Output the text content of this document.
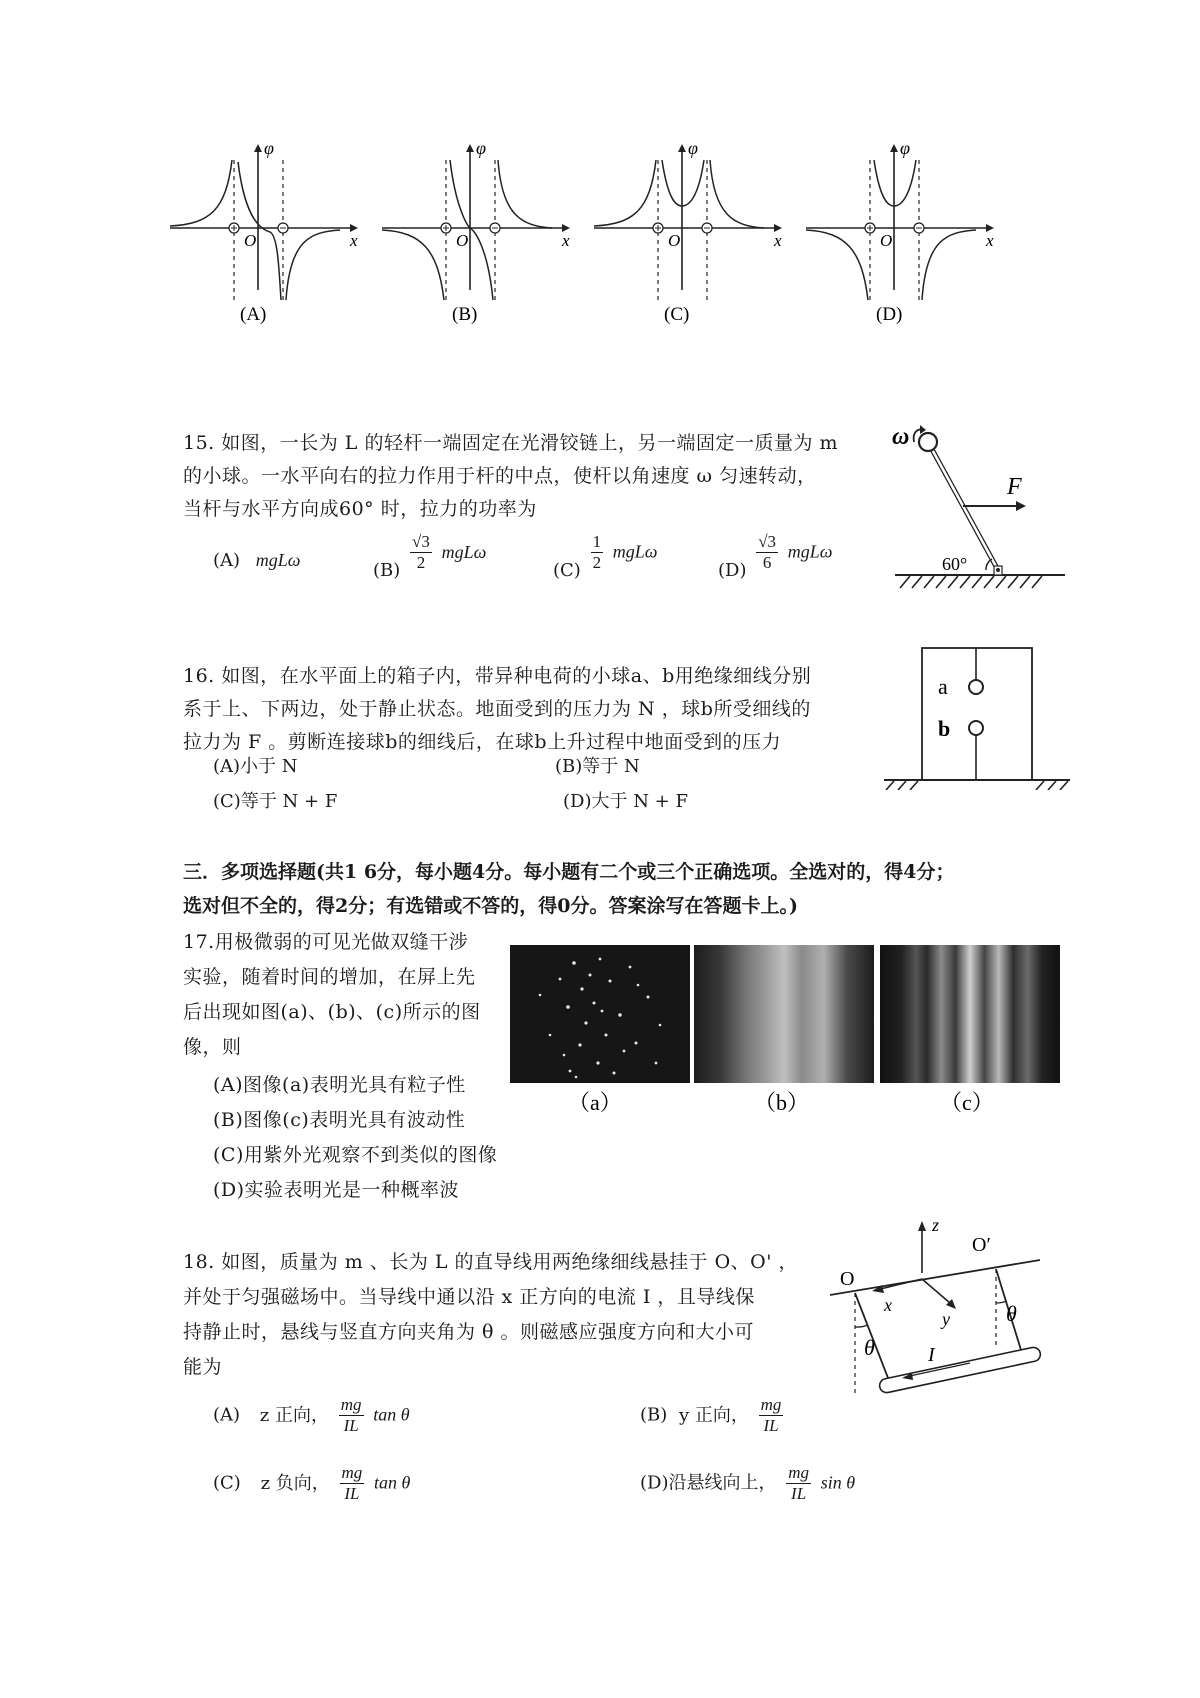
φ
x
O
(A)
φ
x
O
(B)
φ
x
O
(C)
φ
x
O
(D)
15. 如图，一长为 L 的轻杆一端固定在光滑铰链上，另一端固定一质量为 m
的小球。一水平向右的拉力作用于杆的中点，使杆以角速度 ω 匀速转动，
当杆与水平方向成60° 时，拉力的功率为
(A) mgLω	$(B) \frac{√3}{2}$ mgLω
$(C) \frac{1}{2}$ mgLω
$(D) \frac{√3}{6}$ mgLω
ω
F
60°
16. 如图，在水平面上的箱子内，带异种电荷的小球a、b用绝缘细线分别
系于上、下两边，处于静止状态。地面受到的压力为 N ，球b所受细线的
拉力为 F 。剪断连接球b的细线后，在球b上升过程中地面受到的压力
(A)小于 N	(B)等于 N
(C)等于 N + F	(D)大于 N + F
a
b
三．多项选择题(共1 6分，每小题4分。每小题有二个或三个正确选项。全选对的，得4分；
选对但不全的，得2分；有选错或不答的，得0分。答案涂写在答题卡上。)
17.用极微弱的可见光做双缝干涉
实验，随着时间的增加，在屏上先
后出现如图(a)、(b)、(c)所示的图
像，则
(A)图像(a)表明光具有粒子性
(B)图像(c)表明光具有波动性
(C)用紫外光观察不到类似的图像
(D)实验表明光是一种概率波
（a）	（b）	（c）
18. 如图，质量为 m 、长为 L 的直导线用两绝缘细线悬挂于 O、O' ，
并处于匀强磁场中。当导线中通以沿 x 正方向的电流 I ，且导线保
持静止时，悬线与竖直方向夹角为 θ 。则磁感应强度方向和大小可
能为
(A) z 正向， $\frac{mg}{IL}$ tan θ	(B) y 正向， $\frac{mg}{IL}$
(C) z 负向， $\frac{mg}{IL}$ tan θ	(D)沿悬线向上， $\frac{mg}{IL}$ sin θ
z
x
y
O
O′
θ
θ
I
